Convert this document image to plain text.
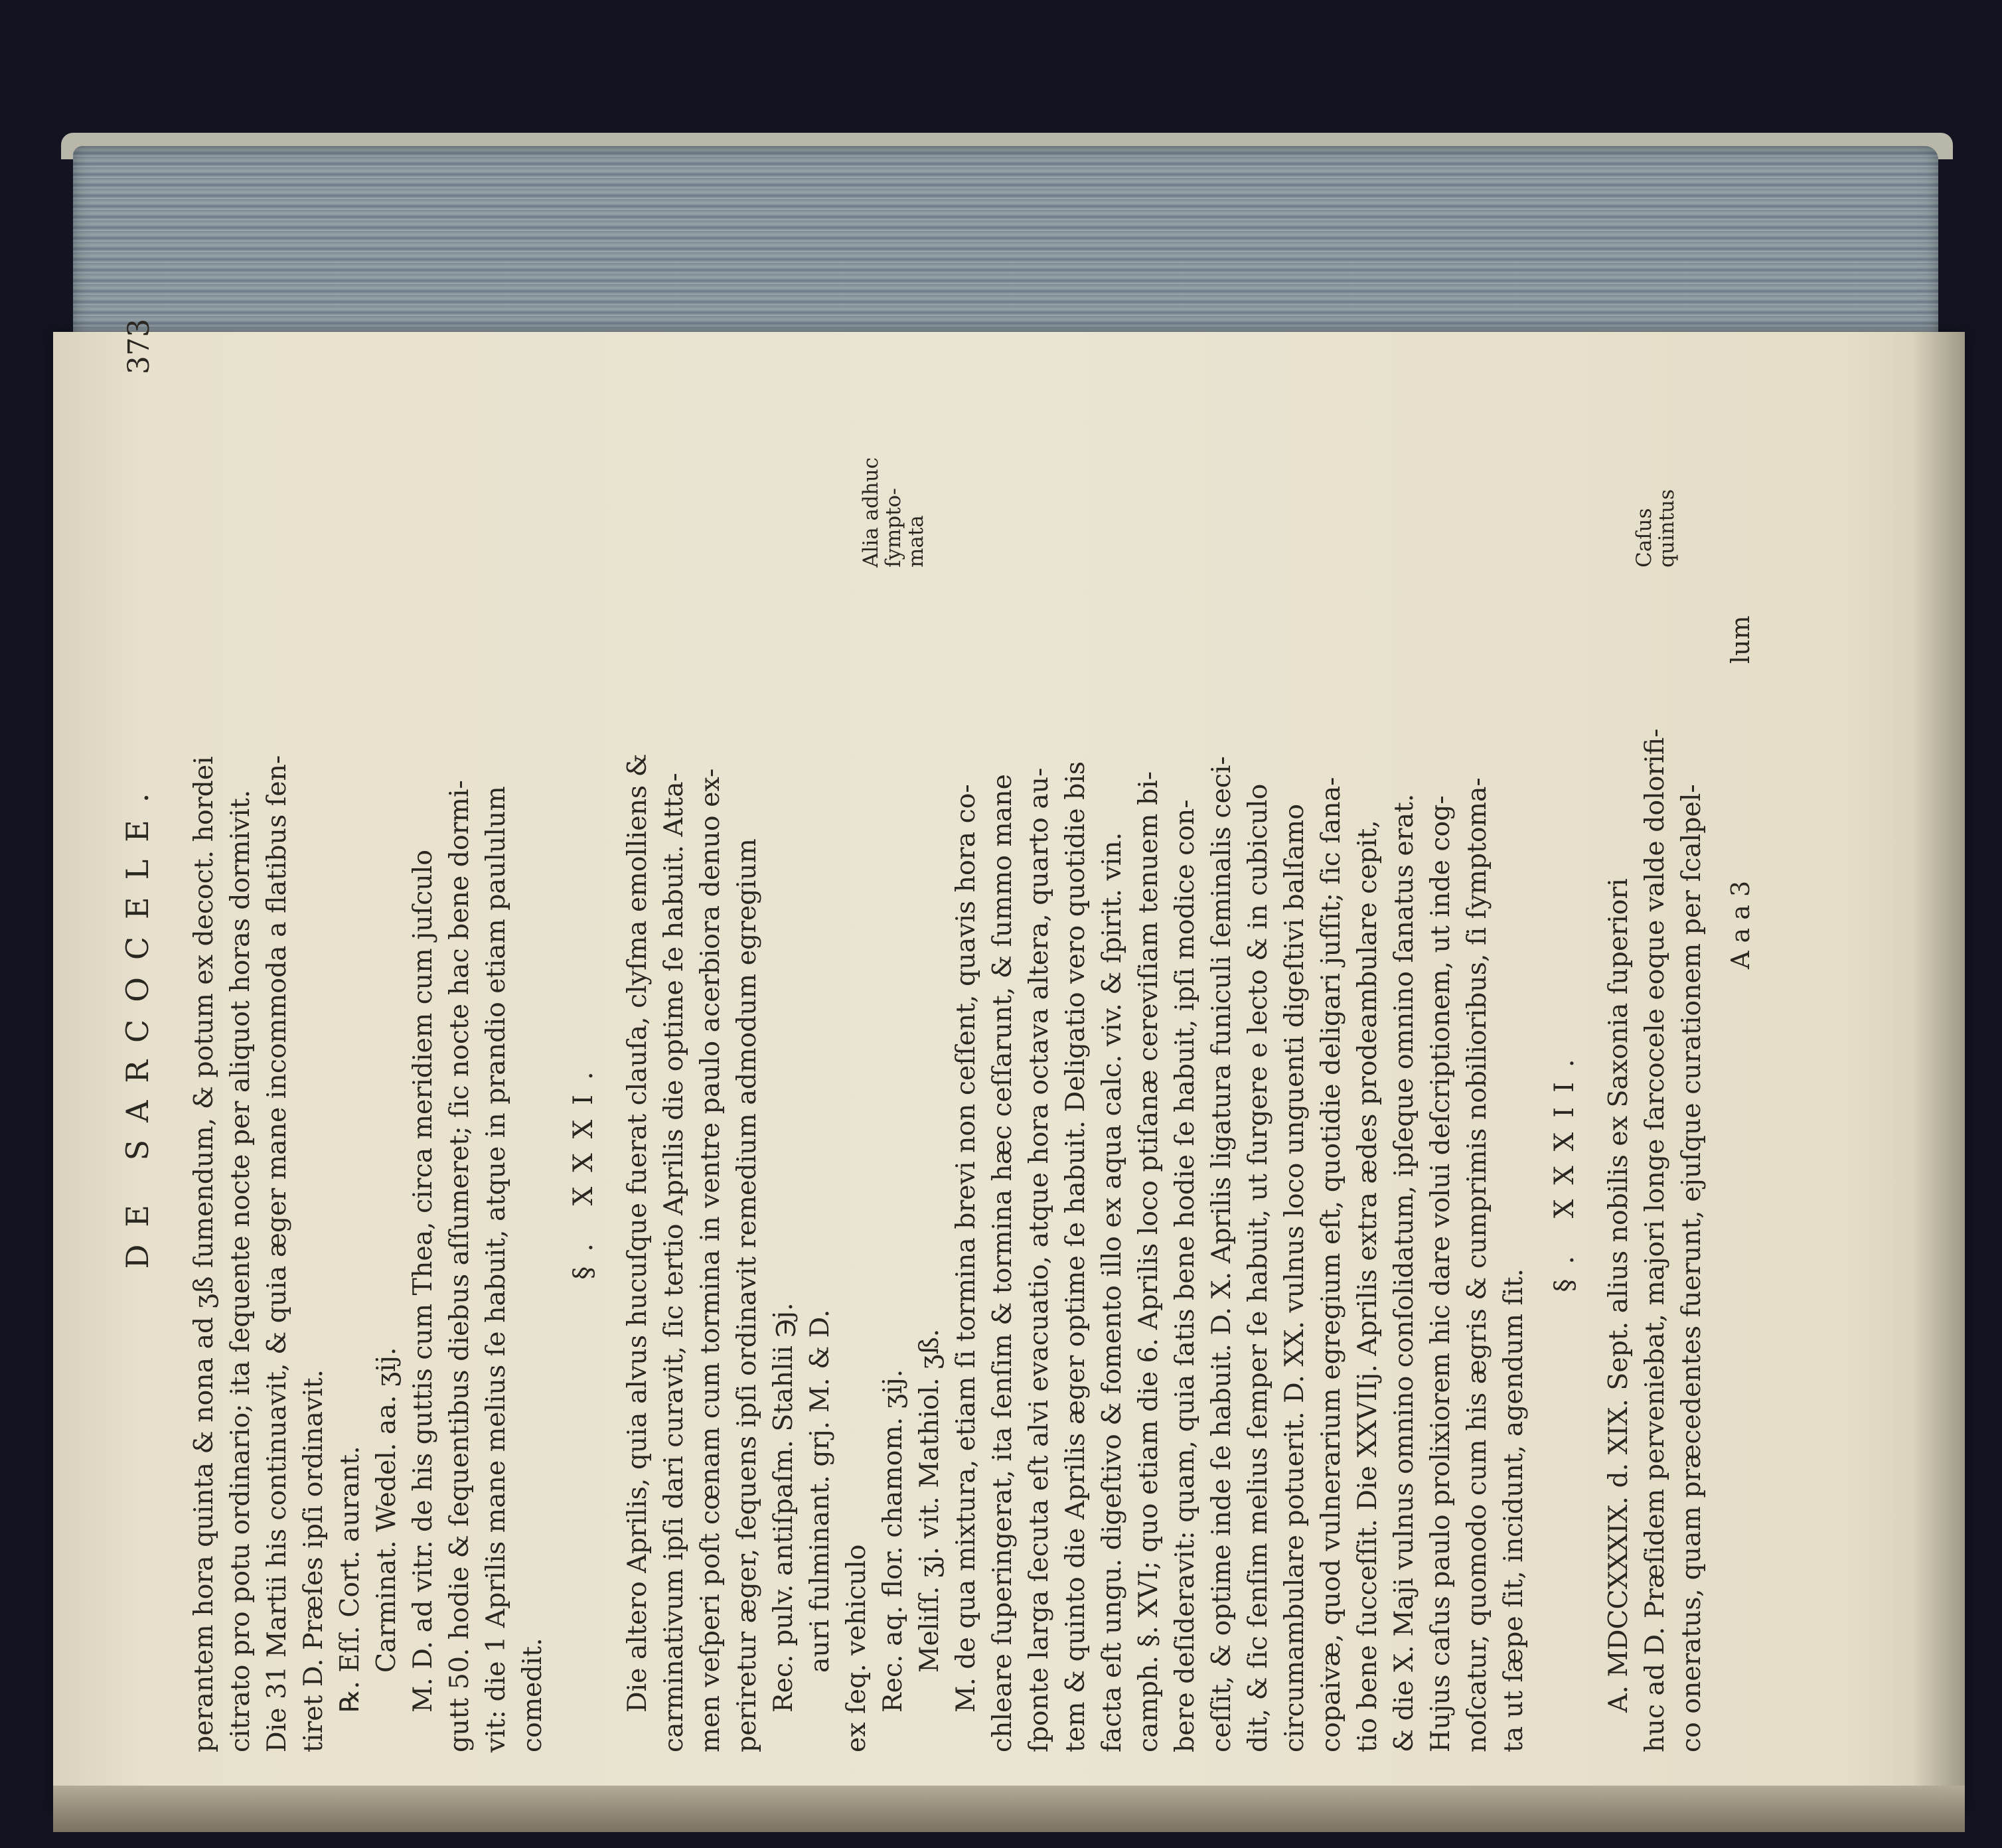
DE SARCOCELE.
373
perantem hora quinta & nona ad ʒß ſumendum, & potum ex decoct. hordei citrato pro potu ordinario; ita ſequente nocte per aliquot horas dormivit. Die 31 Martii his continuavit, & quia æger mane incommoda a flatibus ſen- tiret D. Præſes ipſi ordinavit. ℞. Eſſ. Cort. aurant. Carminat. Wedel. aa. ʒij. M. D. ad vitr. de his guttis cum Thea, circa meridiem cum juſculo gutt 50. hodie & ſequentibus diebus aſſumeret; ſic nocte hac bene dormi- vit: die 1 Aprilis mane melius ſe habuit, atque in prandio etiam paululum comedit.
§. XXXI. Die altero Aprilis, quia alvus hucuſque fuerat clauſa, clyſma emolliens & carminativum ipſi dari curavit, ſic tertio Aprilis die optime ſe habuit. Atta- men veſperi poſt cœnam cum tormina in ventre paulo acerbiora denuo ex- periretur æger, ſequens ipſi ordinavit remedium admodum egregium Rec. pulv. antiſpaſm. Stahlii ℈j. auri fulminant. grj. M. & D. ex ſeq. vehiculo Rec. aq. flor. chamom. ʒij. Meliſſ. ʒj. vit. Mathiol. ʒß. M. de qua mixtura, etiam ſi tormina brevi non ceſſent, quavis hora co- chleare ſuperingerat, ita ſenſim & tormina hæc ceſſarunt, & ſummo mane ſponte larga ſecuta eſt alvi evacuatio, atque hora octava altera, quarto au- tem & quinto die Aprilis æger optime ſe habuit. Deligatio vero quotidie bis facta eſt ungu. digeſtivo & fomento illo ex aqua calc. viv. & ſpirit. vin. camph. §. XVI; quo etiam die 6. Aprilis loco ptiſanæ cereviſiam tenuem bi- bere deſideravit: quam, quia ſatis bene hodie ſe habuit, ipſi modice con- ceſſit, & optime inde ſe habuit. D. X. Aprilis ligatura funiculi ſeminalis ceci- dit, & ſic ſenſim melius ſemper ſe habuit, ut ſurgere e lecto & in cubiculo circumambulare potuerit. D. XX. vulnus loco unguenti digeſtivi balſamo copaivæ, quod vulnerarium egregium eſt, quotidie deligari juſſit; ſic ſana- tio bene ſucceſſit. Die XXVIIj. Aprilis extra ædes prodeambulare cepit, & die X. Maji vulnus omnino conſolidatum, ipſeque omnino ſanatus erat. Hujus caſus paulo prolixiorem hic dare volui deſcriptionem, ut inde cog- noſcatur, quomodo cum his ægris & cumprimis nobilioribus, ſi ſymptoma- ta ut ſæpe ſit, incidunt, agendum ſit.
§. XXXII. A. MDCCXXXIX. d. XIX. Sept. alius nobilis ex Saxonia ſuperiori huc ad D. Præſidem perveniebat, majori longe ſarcocele eoque valde dolorifi- co oneratus, quam præcedentes fuerunt, ejuſque curationem per ſcalpel-
Alia adhuc
ſympto-
mata	Caſus
quintus
A a a 3
lum
